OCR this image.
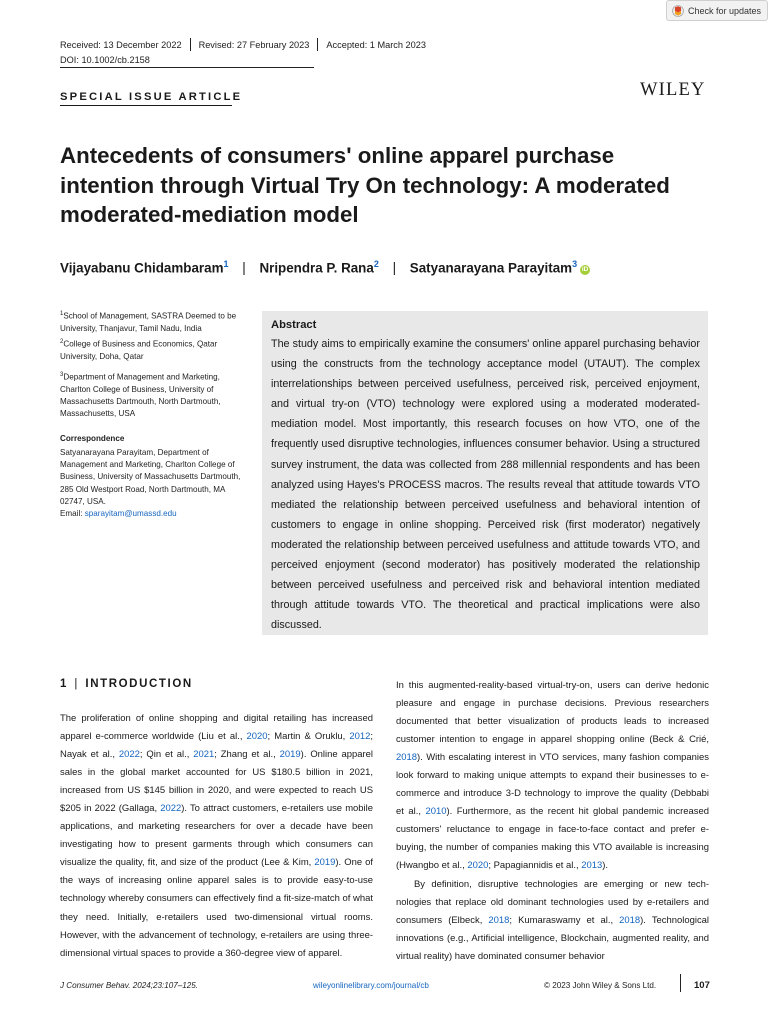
Check for updates
Received: 13 December 2022 Revised: 27 February 2023 Accepted: 1 March 2023
DOI: 10.1002/cb.2158
SPECIAL ISSUE ARTICLE	WILEY
Antecedents of consumers' online apparel purchase intention through Virtual Try On technology: A moderated moderated-mediation model
Vijayabanu Chidambaram$^1$ | Nripendra P. Rana$^2$ | Satyanarayana Parayitam$^3$iD
$^1$School of Management, SASTRA Deemed to be University, Thanjavur, Tamil Nadu, India
$^2$College of Business and Economics, Qatar University, Doha, Qatar
$^3$Department of Management and Marketing, Charlton College of Business, University of Massachusetts Dartmouth, North Dartmouth, Massachusetts, USA
Correspondence
Satyanarayana Parayitam, Department of Management and Marketing, Charlton College of Business, University of Massachusetts Dartmouth, 285 Old Westport Road, North Dartmouth, MA 02747, USA.
Email: sparayitam@umassd.edu
Abstract
The study aims to empirically examine the consumers' online apparel purchasing behavior using the constructs from the technology acceptance model (UTAUT). The complex interrelationships between perceived usefulness, perceived risk, perceived enjoyment, and virtual try-on (VTO) technology were explored using a moderated moderated-mediation model. Most importantly, this research focuses on how VTO, one of the frequently used disruptive technologies, influences consumer behavior. Using a structured survey instrument, the data was collected from 288 millennial respondents and has been analyzed using Hayes's PROCESS macros. The results reveal that attitude towards VTO mediated the relationship between perceived usefulness and behavioral intention of customers to engage in online shopping. Perceived risk (first moderator) negatively moderated the relationship between perceived usefulness and attitude towards VTO, and perceived enjoyment (second moderator) has positively moderated the relationship between perceived usefulness and perceived risk and behavioral intention mediated through attitude towards VTO. The theoretical and practical implications were also discussed.
1 | INTRODUCTION

The proliferation of online shopping and digital retailing has increased apparel e-commerce worldwide (Liu et al., 2020; Martin & Oruklu, 2012; Nayak et al., 2022; Qin et al., 2021; Zhang et al., 2019). Online apparel sales in the global market accounted for US $180.5 billion in 2021, increased from US $145 billion in 2020, and were expected to reach US $205 in 2022 (Gallaga, 2022). To attract customers, e-retailers use mobile applications, and marketing researchers for over a decade have been investigating how to present garments through which consumers can visualize the quality, fit, and size of the product (Lee & Kim, 2019). One of the ways of increasing online apparel sales is to provide easy-to-use technology whereby consumers can effectively find a fit-size-match of what they need. Initially, e-retailers used two-dimensional virtual rooms. However, with the advancement of technology, e-retailers are using three-dimensional virtual spaces to provide a 360-degree view of apparel.

In this augmented-reality-based virtual-try-on, users can derive hedonic pleasure and engage in purchase decisions. Previous researchers documented that better visualization of products leads to increased customer intention to engage in apparel shopping online (Beck & Crié, 2018). With escalating interest in VTO services, many fashion companies look forward to making unique attempts to expand their businesses to e-commerce and introduce 3-D technology to improve the quality (Debbabi et al., 2010). Furthermore, as the recent hit global pandemic increased customers' reluctance to engage in face-to-face contact and prefer e-buying, the number of companies making this VTO available is increasing (Hwangbo et al., 2020; Papagiannidis et al., 2013).

By definition, disruptive technologies are emerging or new technologies that replace old dominant technologies used by e-retailers and consumers (Elbeck, 2018; Kumaraswamy et al., 2018). Technological innovations (e.g., Artificial intelligence, Blockchain, augmented reality, and virtual reality) have dominated consumer behavior

J Consumer Behav. 2024;23:107–125.	wileyonlinelibrary.com/journal/cb	© 2023 John Wiley & Sons Ltd.	107
